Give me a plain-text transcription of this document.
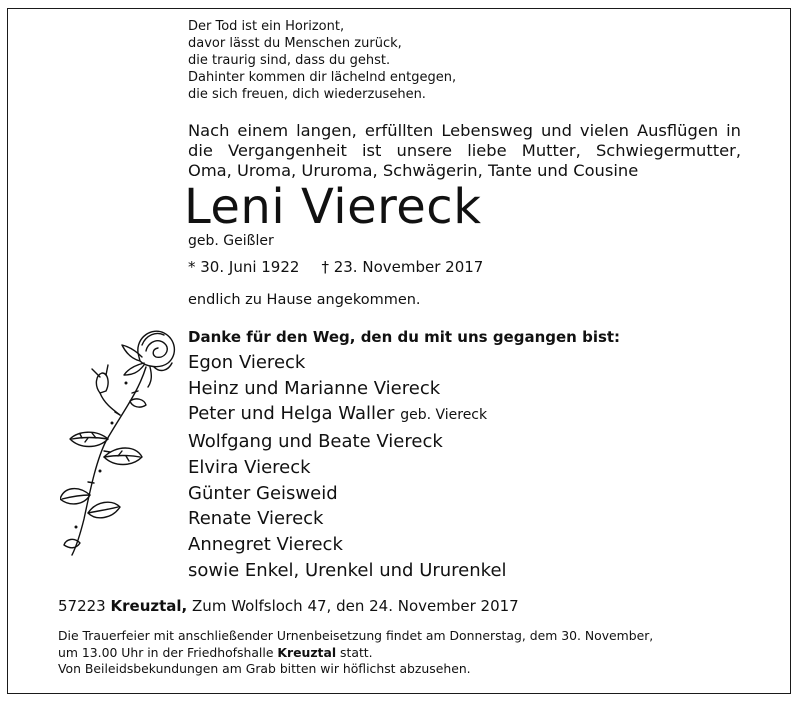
Der Tod ist ein Horizont,
davor lässt du Menschen zurück,
die traurig sind, dass du gehst.
Dahinter kommen dir lächelnd entgegen,
die sich freuen, dich wiederzusehen.
Nach einem langen, erfüllten Lebensweg und vielen Ausflügen in
die Vergangenheit ist unsere liebe Mutter, Schwiegermutter,
Oma, Uroma, Ururoma, Schwägerin, Tante und Cousine
Leni Viereck
geb. Geißler
* 30. Juni 1922 † 23. November 2017
endlich zu Hause angekommen.
Danke für den Weg, den du mit uns gegangen bist:
Egon Viereck
Heinz und Marianne Viereck
Peter und Helga Waller geb. Viereck
Wolfgang und Beate Viereck
Elvira Viereck
Günter Geisweid
Renate Viereck
Annegret Viereck
sowie Enkel, Urenkel und Ururenkel
57223 Kreuztal, Zum Wolfsloch 47, den 24. November 2017
Die Trauerfeier mit anschließender Urnenbeisetzung findet am Donnerstag, dem 30. November,
um 13.00 Uhr in der Friedhofshalle Kreuztal statt.
Von Beileidsbekundungen am Grab bitten wir höflichst abzusehen.
